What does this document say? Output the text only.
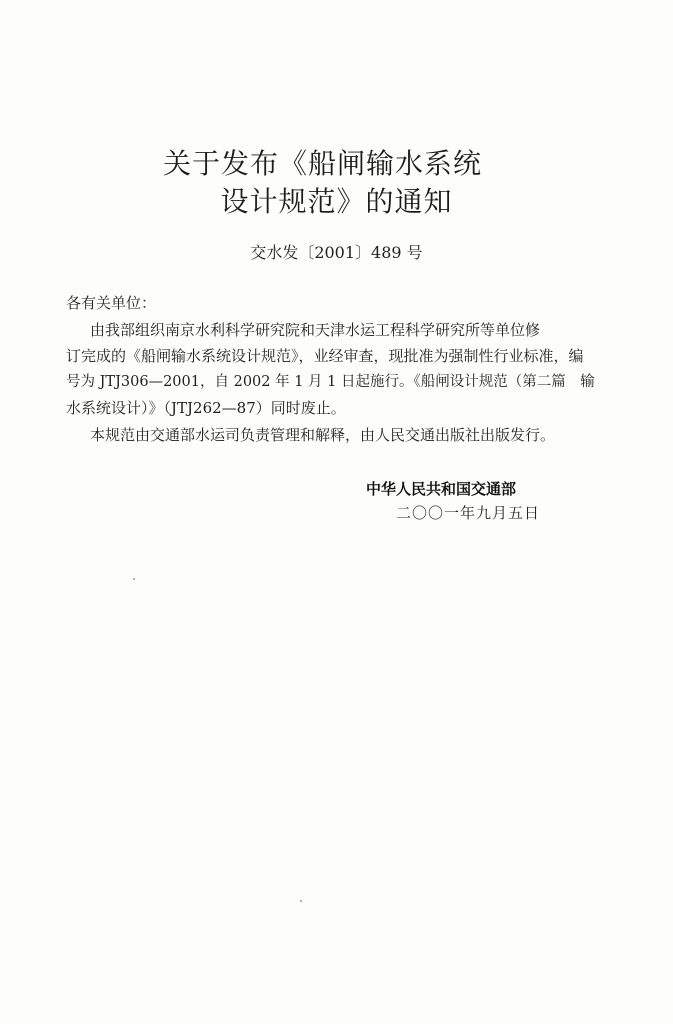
关于发布《船闸输水系统
设计规范》的通知
交水发〔2001〕489 号
各有关单位：
由我部组织南京水利科学研究院和天津水运工程科学研究所等单位修
订完成的《船闸输水系统设计规范》，业经审查，现批准为强制性行业标准，编
号为 JTJ306—2001，自 2002 年 1 月 1 日起施行。《船闸设计规范（第二篇　输
水系统设计）》（JTJ262—87）同时废止。
本规范由交通部水运司负责管理和解释，由人民交通出版社出版发行。
中华人民共和国交通部
二〇〇一年九月五日
